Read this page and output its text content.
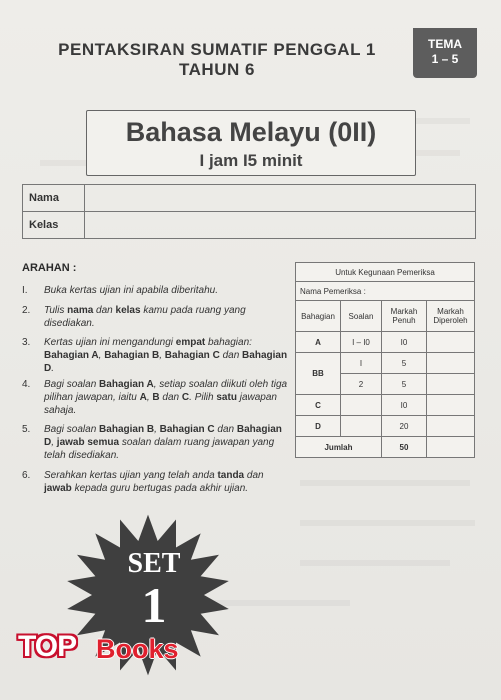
PENTAKSIRAN SUMATIF PENGGAL 1
TAHUN 6
TEMA
1 – 5
Bahasa Melayu (0II)
I jam I5 minit
Nama
Kelas
ARAHAN :
I. Buka kertas ujian ini apabila diberitahu.
2. Tulis nama dan kelas kamu pada ruang yang disediakan.
3. Kertas ujian ini mengandungi empat bahagian: Bahagian A, Bahagian B, Bahagian C dan Bahagian D.
4. Bagi soalan Bahagian A, setiap soalan diikuti oleh tiga pilihan jawapan, iaitu A, B dan C. Pilih satu jawapan sahaja.
5. Bagi soalan Bahagian B, Bahagian C dan Bahagian D, jawab semua soalan dalam ruang jawapan yang telah disediakan.
6. Serahkan kertas ujian yang telah anda tanda dan jawab kepada guru bertugas pada akhir ujian.
Untuk Kegunaan Pemeriksa			
Nama Pemeriksa :			
Bahagian	Soalan	Markah Penuh	Markah Diperoleh
A	I – I0	I0	
BB	I	5	
	2	5	
C		I0	
D		20	
Jumlah		50	
SET
1
TOP Books
